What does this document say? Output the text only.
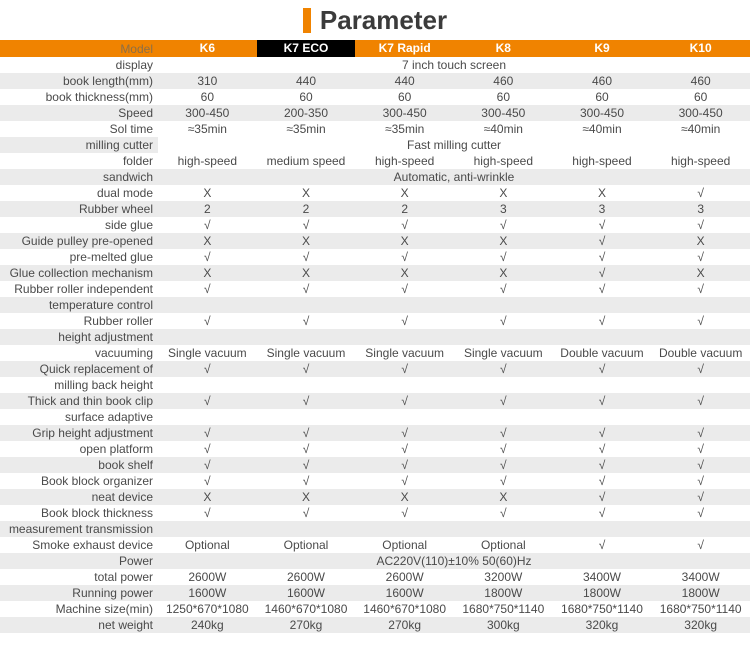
Parameter
Model	K6	K7 ECO	K7 Rapid	K8	K9	K10
display	7 inch touch screen
book length(mm)	310	440	440	460	460	460
book thickness(mm)	60	60	60	60	60	60
Speed	300-450	200-350	300-450	300-450	300-450	300-450
Sol time	≈35min	≈35min	≈35min	≈40min	≈40min	≈40min
milling cutter	Fast milling cutter
folder	high-speed	medium speed	high-speed	high-speed	high-speed	high-speed
sandwich	Automatic, anti-wrinkle
dual mode	X	X	X	X	X	√
Rubber wheel	2	2	2	3	3	3
side glue	√	√	√	√	√	√
Guide pulley pre-opened	X	X	X	X	√	X
pre-melted glue	√	√	√	√	√	√
Glue collection mechanism	X	X	X	X	√	X
Rubber roller independent	√	√	√	√	√	√
temperature control
Rubber roller	√	√	√	√	√	√
height adjustment
vacuuming	Single vacuum	Single vacuum	Single vacuum	Single vacuum	Double vacuum	Double vacuum
Quick replacement of	√	√	√	√	√	√
milling back height
Thick and thin book clip	√	√	√	√	√	√
surface adaptive
Grip height adjustment	√	√	√	√	√	√
open platform	√	√	√	√	√	√
book shelf	√	√	√	√	√	√
Book block organizer	√	√	√	√	√	√
neat device	X	X	X	X	√	√
Book block thickness	√	√	√	√	√	√
measurement transmission
Smoke exhaust device	Optional	Optional	Optional	Optional	√	√
Power	AC220V(110)±10% 50(60)Hz
total power	2600W	2600W	2600W	3200W	3400W	3400W
Running power	1600W	1600W	1600W	1800W	1800W	1800W
Machine size(min)	1250*670*1080	1460*670*1080	1460*670*1080	1680*750*1140	1680*750*1140	1680*750*1140
net weight	240kg	270kg	270kg	300kg	320kg	320kg
